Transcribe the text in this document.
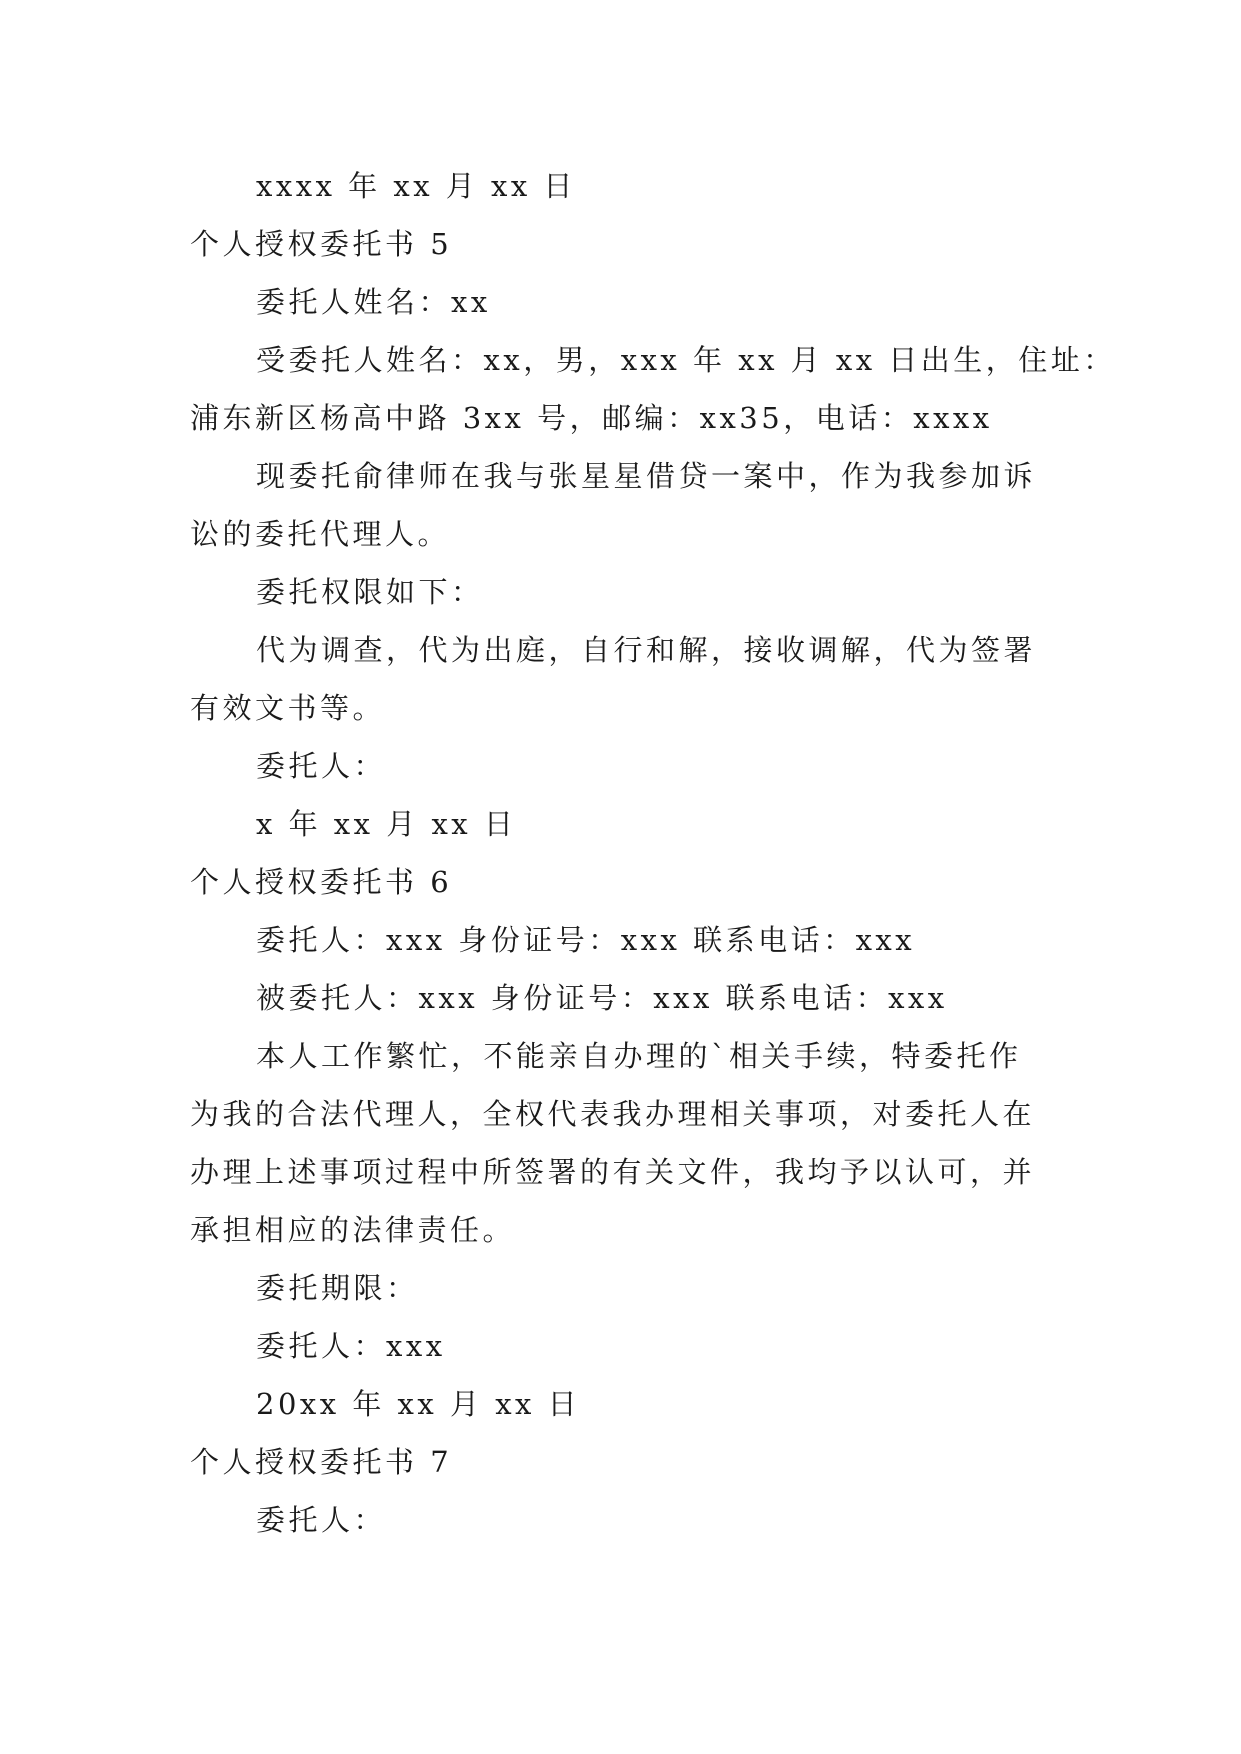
xxxx 年 xx 月 xx 日

个人授权委托书 5

委托人姓名：xx

受委托人姓名：xx，男，xxx 年 xx 月 xx 日出生，住址：

浦东新区杨高中路 3xx 号，邮编：xx35，电话：xxxx

现委托俞律师在我与张星星借贷一案中，作为我参加诉

讼的委托代理人。

委托权限如下：

代为调查，代为出庭，自行和解，接收调解，代为签署

有效文书等。

委托人：

x 年 xx 月 xx 日

个人授权委托书 6

委托人：xxx 身份证号：xxx 联系电话：xxx

被委托人：xxx 身份证号：xxx 联系电话：xxx

本人工作繁忙，不能亲自办理的`相关手续，特委托作

为我的合法代理人，全权代表我办理相关事项，对委托人在

办理上述事项过程中所签署的有关文件，我均予以认可，并

承担相应的法律责任。

委托期限：

委托人：xxx

20xx 年 xx 月 xx 日

个人授权委托书 7

委托人：
